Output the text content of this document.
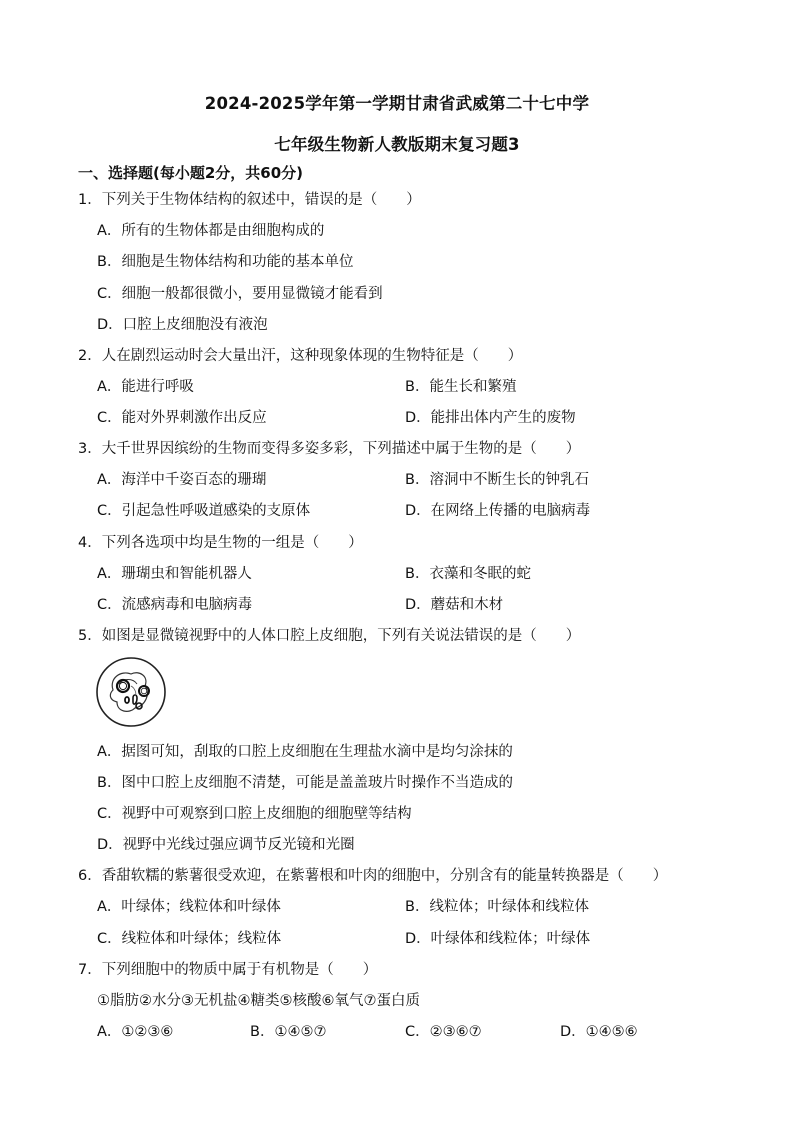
2024-2025学年第一学期甘肃省武威第二十七中学
七年级生物新人教版期末复习题3
一、选择题(每小题2分，共60分)
1．下列关于生物体结构的叙述中，错误的是（　　）
A．所有的生物体都是由细胞构成的
B．细胞是生物体结构和功能的基本单位
C．细胞一般都很微小，要用显微镜才能看到
D．口腔上皮细胞没有液泡
2．人在剧烈运动时会大量出汗，这种现象体现的生物特征是（　　）
A．能进行呼吸	B．能生长和繁殖
C．能对外界刺激作出反应	D．能排出体内产生的废物
3．大千世界因缤纷的生物而变得多姿多彩，下列描述中属于生物的是（　　）
A．海洋中千姿百态的珊瑚	B．溶洞中不断生长的钟乳石
C．引起急性呼吸道感染的支原体	D．在网络上传播的电脑病毒
4．下列各选项中均是生物的一组是（　　）
A．珊瑚虫和智能机器人	B．衣藻和冬眠的蛇
C．流感病毒和电脑病毒	D．蘑菇和木材
5．如图是显微镜视野中的人体口腔上皮细胞，下列有关说法错误的是（　　）
A．据图可知，刮取的口腔上皮细胞在生理盐水滴中是均匀涂抹的
B．图中口腔上皮细胞不清楚，可能是盖盖玻片时操作不当造成的
C．视野中可观察到口腔上皮细胞的细胞壁等结构
D．视野中光线过强应调节反光镜和光圈
6．香甜软糯的紫薯很受欢迎，在紫薯根和叶肉的细胞中，分别含有的能量转换器是（　　）
A．叶绿体；线粒体和叶绿体	B．线粒体；叶绿体和线粒体
C．线粒体和叶绿体；线粒体	D．叶绿体和线粒体；叶绿体
7．下列细胞中的物质中属于有机物是（　　）
①脂肪②水分③无机盐④糖类⑤核酸⑥氧气⑦蛋白质
A．①②③⑥	B．①④⑤⑦	C．②③⑥⑦	D．①④⑤⑥
